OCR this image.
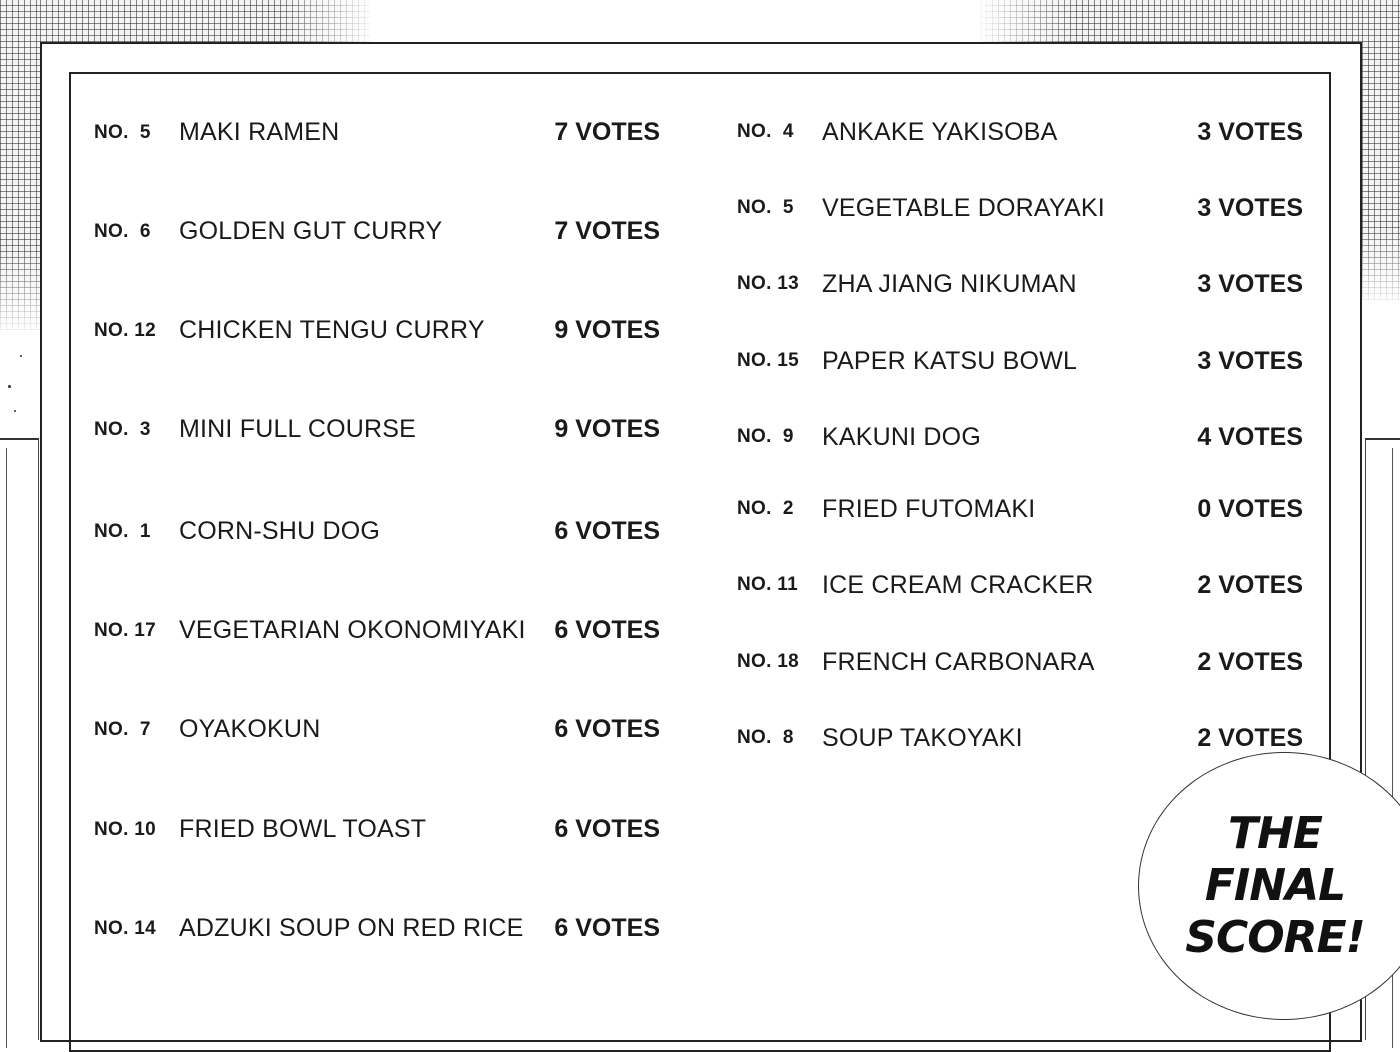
NO.  5 MAKI RAMEN	7 VOTES
NO.  6 GOLDEN GUT CURRY	7 VOTES
NO. 12 CHICKEN TENGU CURRY	9 VOTES
NO.  3 MINI FULL COURSE	9 VOTES
NO.  1 CORN-SHU DOG	6 VOTES
NO. 17 VEGETARIAN OKONOMIYAKI	6 VOTES
NO.  7 OYAKOKUN	6 VOTES
NO. 10 FRIED BOWL TOAST	6 VOTES
NO. 14 ADZUKI SOUP ON RED RICE	6 VOTES
NO.  4 ANKAKE YAKISOBA	3 VOTES
NO.  5 VEGETABLE DORAYAKI	3 VOTES
NO. 13 ZHA JIANG NIKUMAN	3 VOTES
NO. 15 PAPER KATSU BOWL	3 VOTES
NO.  9 KAKUNI DOG	4 VOTES
NO.  2 FRIED FUTOMAKI	0 VOTES
NO. 11 ICE CREAM CRACKER	2 VOTES
NO. 18 FRENCH CARBONARA	2 VOTES
NO.  8 SOUP TAKOYAKI	2 VOTES
THE
FINAL
SCORE!
